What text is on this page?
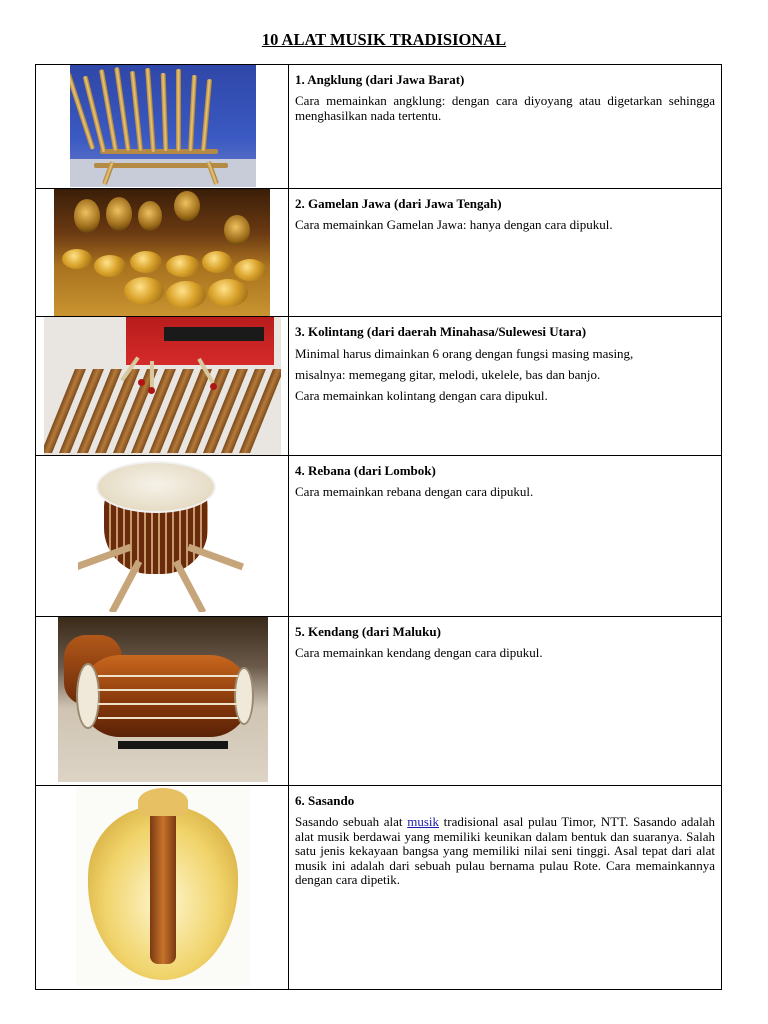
10 ALAT MUSIK TRADISIONAL

	1. Angklung (dari Jawa Barat)
Cara memainkan angklung: dengan cara diyoyang atau digetarkan sehingga menghasilkan nada tertentu.

	2. Gamelan Jawa (dari Jawa Tengah)
Cara memainkan Gamelan Jawa: hanya dengan cara dipukul.

	3. Kolintang (dari daerah Minahasa/Sulewesi Utara)

Minimal harus dimainkan 6 orang dengan fungsi masing masing,

misalnya: memegang gitar, melodi, ukelele, bas dan banjo.

Cara memainkan kolintang dengan cara dipukul.

	4. Rebana (dari Lombok)
Cara memainkan rebana dengan cara dipukul.

	5. Kendang (dari Maluku)
Cara memainkan kendang dengan cara dipukul.

	6. Sasando
Sasando sebuah alat musik tradisional asal pulau Timor, NTT. Sasando adalah alat musik berdawai yang memiliki keunikan dalam bentuk dan suaranya. Salah satu jenis kekayaan bangsa yang memiliki nilai seni tinggi. Asal tepat dari alat musik ini adalah dari sebuah pulau bernama pulau Rote. Cara memainkannya dengan cara dipetik.
